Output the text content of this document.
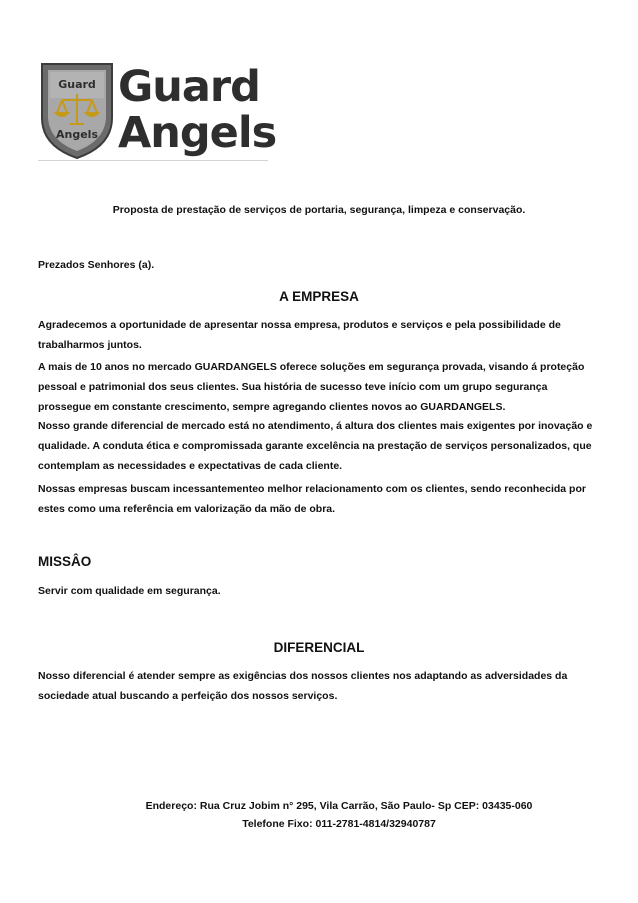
Guard
Angels
Guard
Angels
Proposta de prestação de serviços de portaria, segurança, limpeza e conservação.
Prezados Senhores (a).
A EMPRESA

Agradecemos a oportunidade de apresentar nossa empresa, produtos e serviços e pela possibilidade de trabalharmos juntos.

A mais de 10 anos no mercado GUARDANGELS oferece soluções em segurança provada, visando á proteção pessoal e patrimonial dos seus clientes. Sua história de sucesso teve início com um grupo segurança prossegue em constante crescimento, sempre agregando clientes novos ao GUARDANGELS.

Nosso grande diferencial de mercado está no atendimento, á altura dos clientes mais exigentes por inovação e qualidade. A conduta ética e compromissada garante excelência na prestação de serviços personalizados, que contemplam as necessidades e expectativas de cada cliente.

Nossas empresas buscam incessantementeo melhor relacionamento com os clientes, sendo reconhecida por estes como uma referência em valorização da mão de obra.

MISSÂO

Servir com qualidade em segurança.

DIFERENCIAL

Nosso diferencial é atender sempre as exigências dos nossos clientes nos adaptando as adversidades da sociedade atual buscando a perfeição dos nossos serviços.

Endereço: Rua Cruz Jobim n° 295, Vila Carrão, São Paulo- Sp CEP: 03435-060
Telefone Fixo: 011-2781-4814/32940787
